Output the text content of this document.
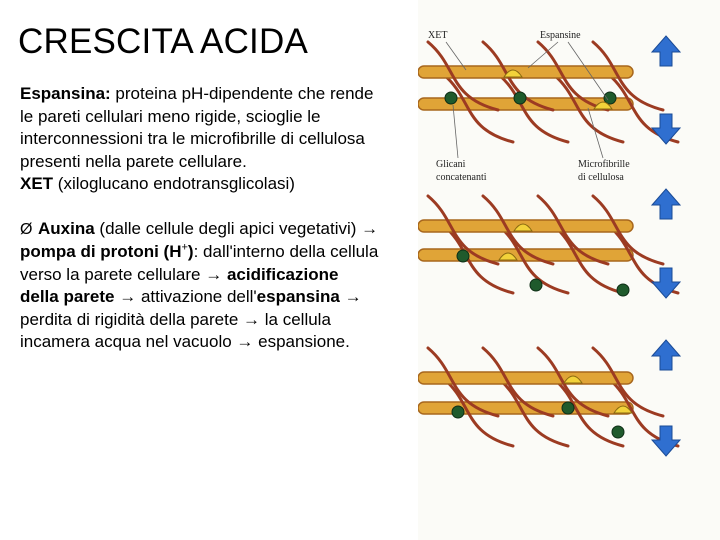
CRESCITA ACIDA

Espansina: proteina pH-dipendente che rende le pareti cellulari meno rigide, scioglie le interconnessioni tra le microfibrille di cellulosa presenti nella parete cellulare.
XET (xiloglucano endotransglicolasi)

Ø Auxina (dalle cellule degli apici vegetativi) → pompa di protoni (H+): dall'interno della cellula verso la parete cellulare → acidificazione della parete → attivazione dell'espansina → perdita di rigidità della parete → la cellula incamera acqua nel vacuolo → espansione.

XET	Espansine
Glicani
concatenanti
Microfibrille
di cellulosa
